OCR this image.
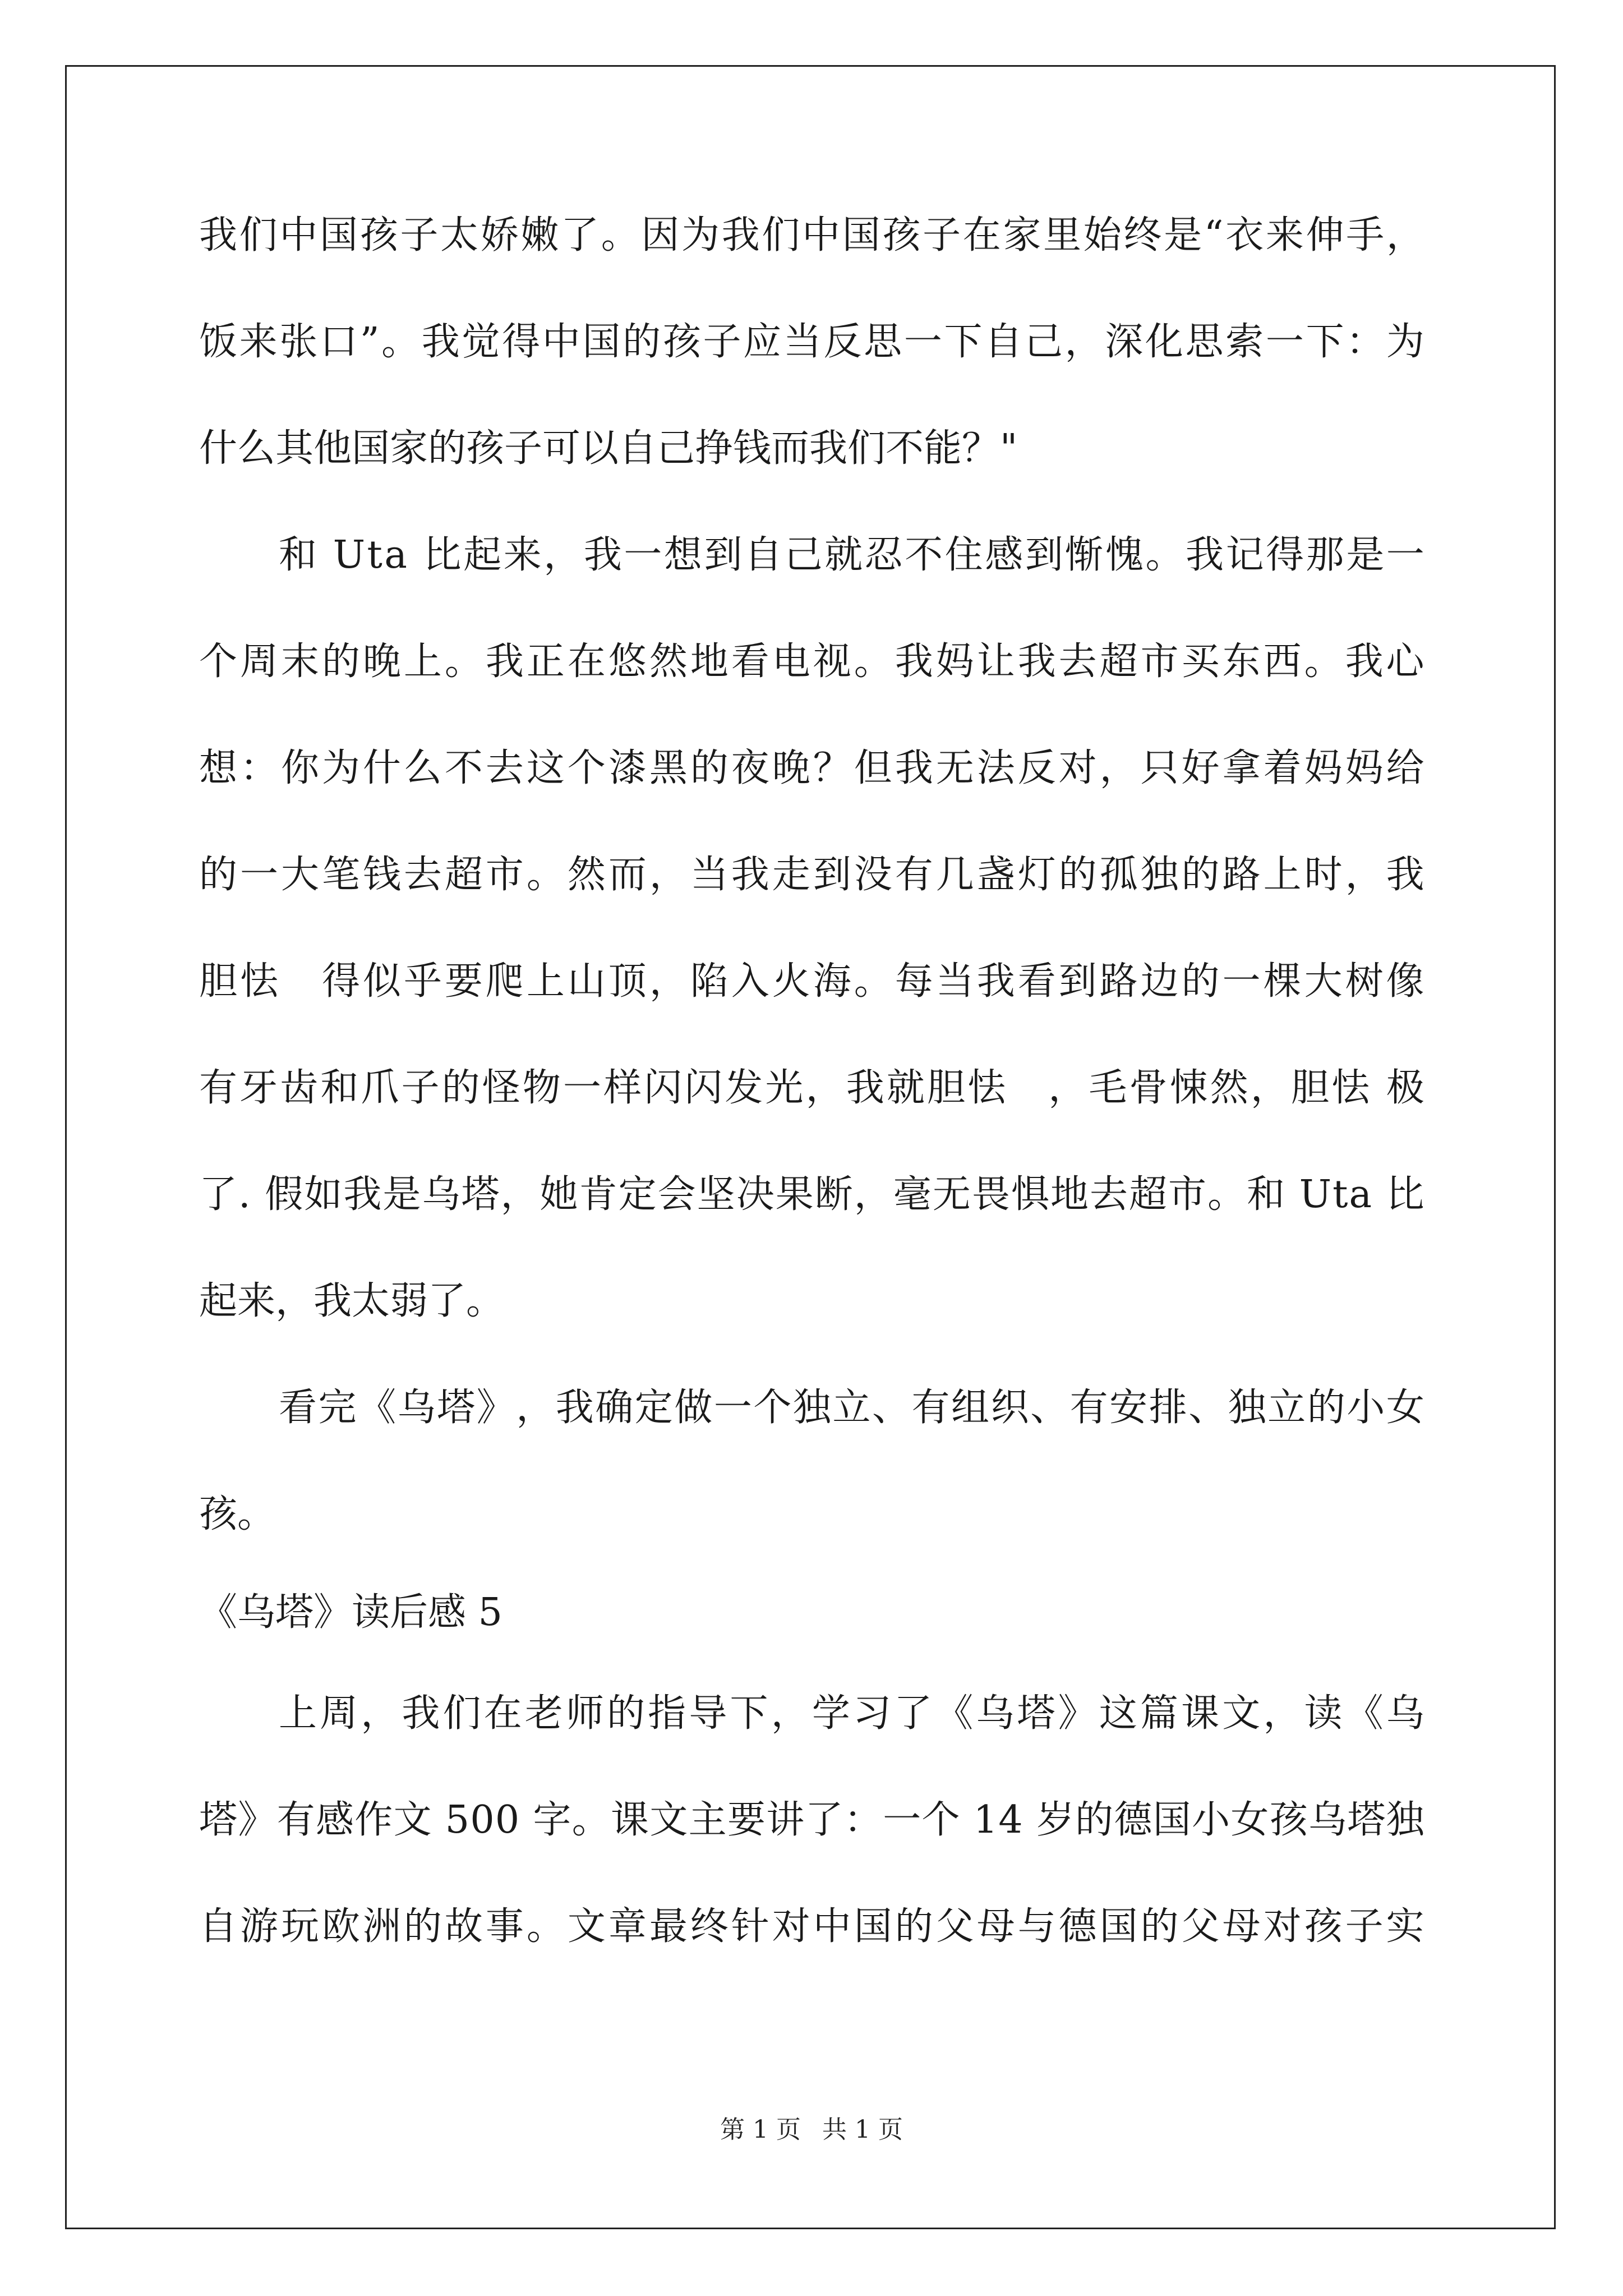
我 们 中 国 孩 子 太 娇 嫩 了 。 因 为 我 们 中 国 孩 子 在 家 里 始 终 是 “ 衣 来 伸 手 ，
饭 来 张 口 ” 。 我 觉 得 中 国 的 孩 子 应 当 反 思 一 下 自 己 ， 深 化 思 索 一 下 ： 为
什么其他国家的孩子可以自己挣钱而我们不能？"
和
U t a
比 起 来 ， 我 一 想 到 自 己 就 忍 不 住 感 到 惭 愧 。 我 记 得 那 是 一
个 周 末 的 晚 上 。 我 正 在 悠 然 地 看 电 视 。 我 妈 让 我 去 超 市 买 东 西 。 我 心
想 ： 你 为 什 么 不 去 这 个 漆 黑 的 夜 晚 ？ 但 我 无 法 反 对 ， 只 好 拿 着 妈 妈 给
的 一 大 笔 钱 去 超 市 。 然 而 ， 当 我 走 到 没 有 几 盏 灯 的 孤 独 的 路 上 时 ， 我
胆 怯
　 得 似 乎 要 爬 上 山 顶 ， 陷 入 火 海 。 每 当 我 看 到 路 边 的 一 棵 大 树 像
有 牙 齿 和 爪 子 的 怪 物 一 样 闪 闪 发 光 ， 我 就 胆 怯
　 ， 毛 骨 悚 然 ， 胆 怯
极
了 .
假 如 我 是 乌 塔 ， 她 肯 定 会 坚 决 果 断 ， 毫 无 畏 惧 地 去 超 市 。 和
U t a
比
起来，我太弱了。
看 完 《 乌 塔 》 ， 我 确 定 做 一 个 独 立 、 有 组 织 、 有 安 排 、 独 立 的 小 女
孩。
《乌塔》读后感 5
上 周 ， 我 们 在 老 师 的 指 导 下 ， 学 习 了 《 乌 塔 》 这 篇 课 文 ， 读 《 乌
塔 》 有 感 作 文
5 0 0
字 。 课 文 主 要 讲 了 ： 一 个
1 4
岁 的 德 国 小 女 孩 乌 塔 独
自 游 玩 欧 洲 的 故 事 。 文 章 最 终 针 对 中 国 的 父 母 与 德 国 的 父 母 对 孩 子 实
第 1 页 共 1 页
